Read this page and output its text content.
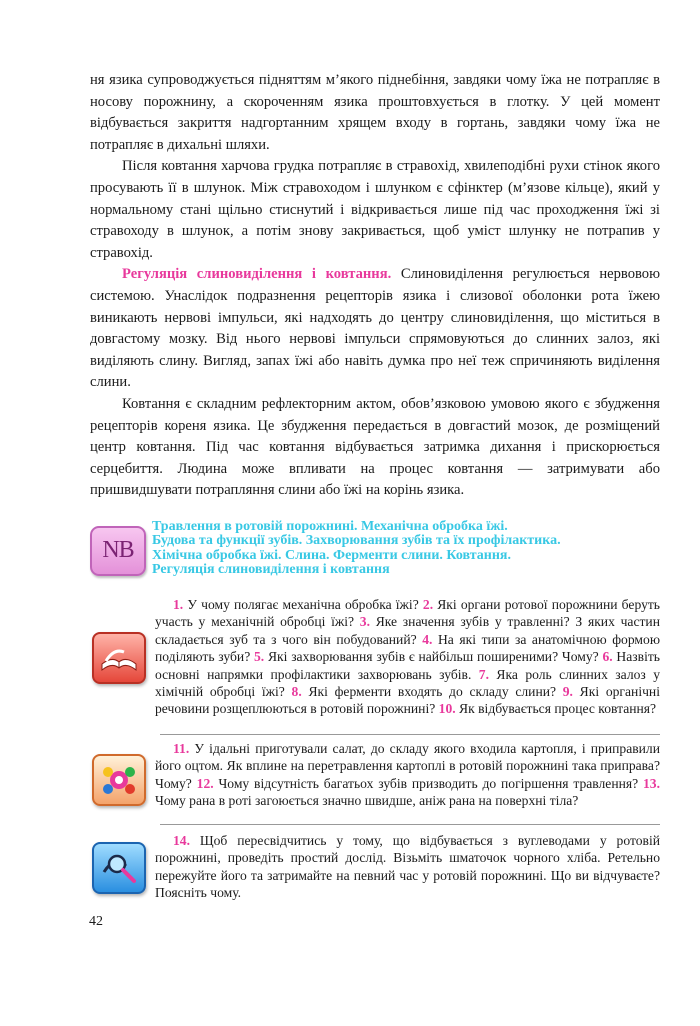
ня язика супроводжується підняттям м’якого піднебіння, завдяки чому їжа не потрапляє в носову порожнину, а скороченням язика проштовхується в глотку. У цей момент відбувається закриття надгортанним хрящем входу в гортань, завдяки чому їжа не потрапляє в дихальні шляхи.

Після ковтання харчова грудка потрапляє в стравохід, хвилеподібні рухи стінок якого просувають її в шлунок. Між стравоходом і шлунком є сфінктер (м’язове кільце), який у нормальному стані щільно стиснутий і відкривається лише під час проходження їжі зі стравоходу в шлунок, а потім знову закривається, щоб уміст шлунку не потрапив у стравохід.

Регуляція слиновиділення і ковтання. Слиновиділення регулюється нервовою системою. Унаслідок подразнення рецепторів язика і слизової оболонки рота їжею виникають нервові імпульси, які надходять до центру слиновиділення, що міститься в довгастому мозку. Від нього нервові імпульси спрямовуються до слинних залоз, які виділяють слину. Вигляд, запах їжі або навіть думка про неї теж спричиняють виділення слини.

Ковтання є складним рефлекторним актом, обов’язковою умовою якого є збудження рецепторів кореня язика. Це збудження передається в довгастий мозок, де розміщений центр ковтання. Під час ковтання відбувається затримка дихання і прискорюється серцебиття. Людина може впливати на процес ковтання — затримувати або пришвидшувати потрапляння слини або їжі на корінь язика.

NB
Травлення в ротовій порожнині. Механічна обробка їжі.
Будова та функції зубів. Захворювання зубів та їх профілактика.
Хімічна обробка їжі. Слина. Ферменти слини. Ковтання.
Регуляція слиновиділення і ковтання

1. У чому полягає механічна обробка їжі? 2. Які органи ротової порожнини беруть участь у механічній обробці їжі? 3. Яке значення зубів у травленні? З яких частин складається зуб та з чого він побудований? 4. На які типи за анатомічною формою поділяють зуби? 5. Які захворювання зубів є найбільш поширеними? Чому? 6. Назвіть основні напрямки профілактики захворювань зубів. 7. Яка роль слинних залоз у хімічній обробці їжі? 8. Які ферменти входять до складу слини? 9. Які органічні речовини розщеплюються в ротовій порожнині? 10. Як відбувається процес ковтання?

11. У ідальні приготували салат, до складу якого входила картопля, і приправили його оцтом. Як вплине на перетравлення картоплі в ротовій порожнині така приправа? Чому? 12. Чому відсутність багатьох зубів призводить до погіршення травлення? 13. Чому рана в роті загоюється значно швидше, аніж рана на поверхні тіла?

14. Щоб пересвідчитись у тому, що відбувається з вуглеводами у ротовій порожнині, проведіть простий дослід. Візьміть шматочок чорного хліба. Ретельно пережуйте його та затримайте на певний час у ротовій порожнині. Що ви відчуваєте? Поясніть чому.

42
